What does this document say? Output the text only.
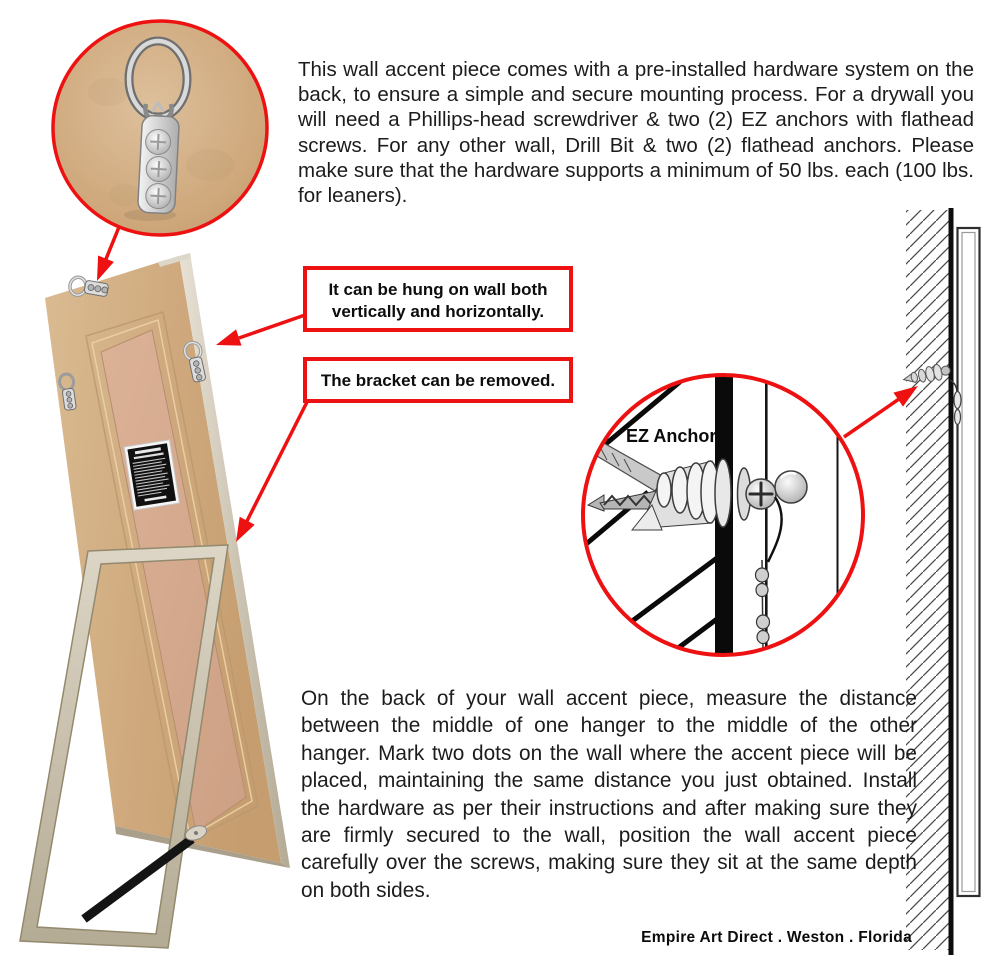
This wall accent piece comes with a pre-installed hardware system on the back, to ensure a simple and secure mounting process. For a drywall you will need a Phillips-head screwdriver & two (2) EZ anchors with flathead screws. For any other wall, Drill Bit & two (2) flathead anchors. Please make sure that the hardware supports a minimum of 50 lbs. each (100 lbs. for leaners).
It can be hung on wall both vertically and horizontally.
The bracket can be removed.
EZ Anchor
On the back of your wall accent piece, measure the distance between the middle of one hanger to the middle of the other hanger. Mark two dots on the wall where the accent piece will be placed, maintaining the same distance you just obtained. Install the hardware as per their instructions and after making sure they are firmly secured to the wall, position the wall accent piece carefully over the screws, making sure they sit at the same depth on both sides.
Empire Art Direct . Weston . Florida
